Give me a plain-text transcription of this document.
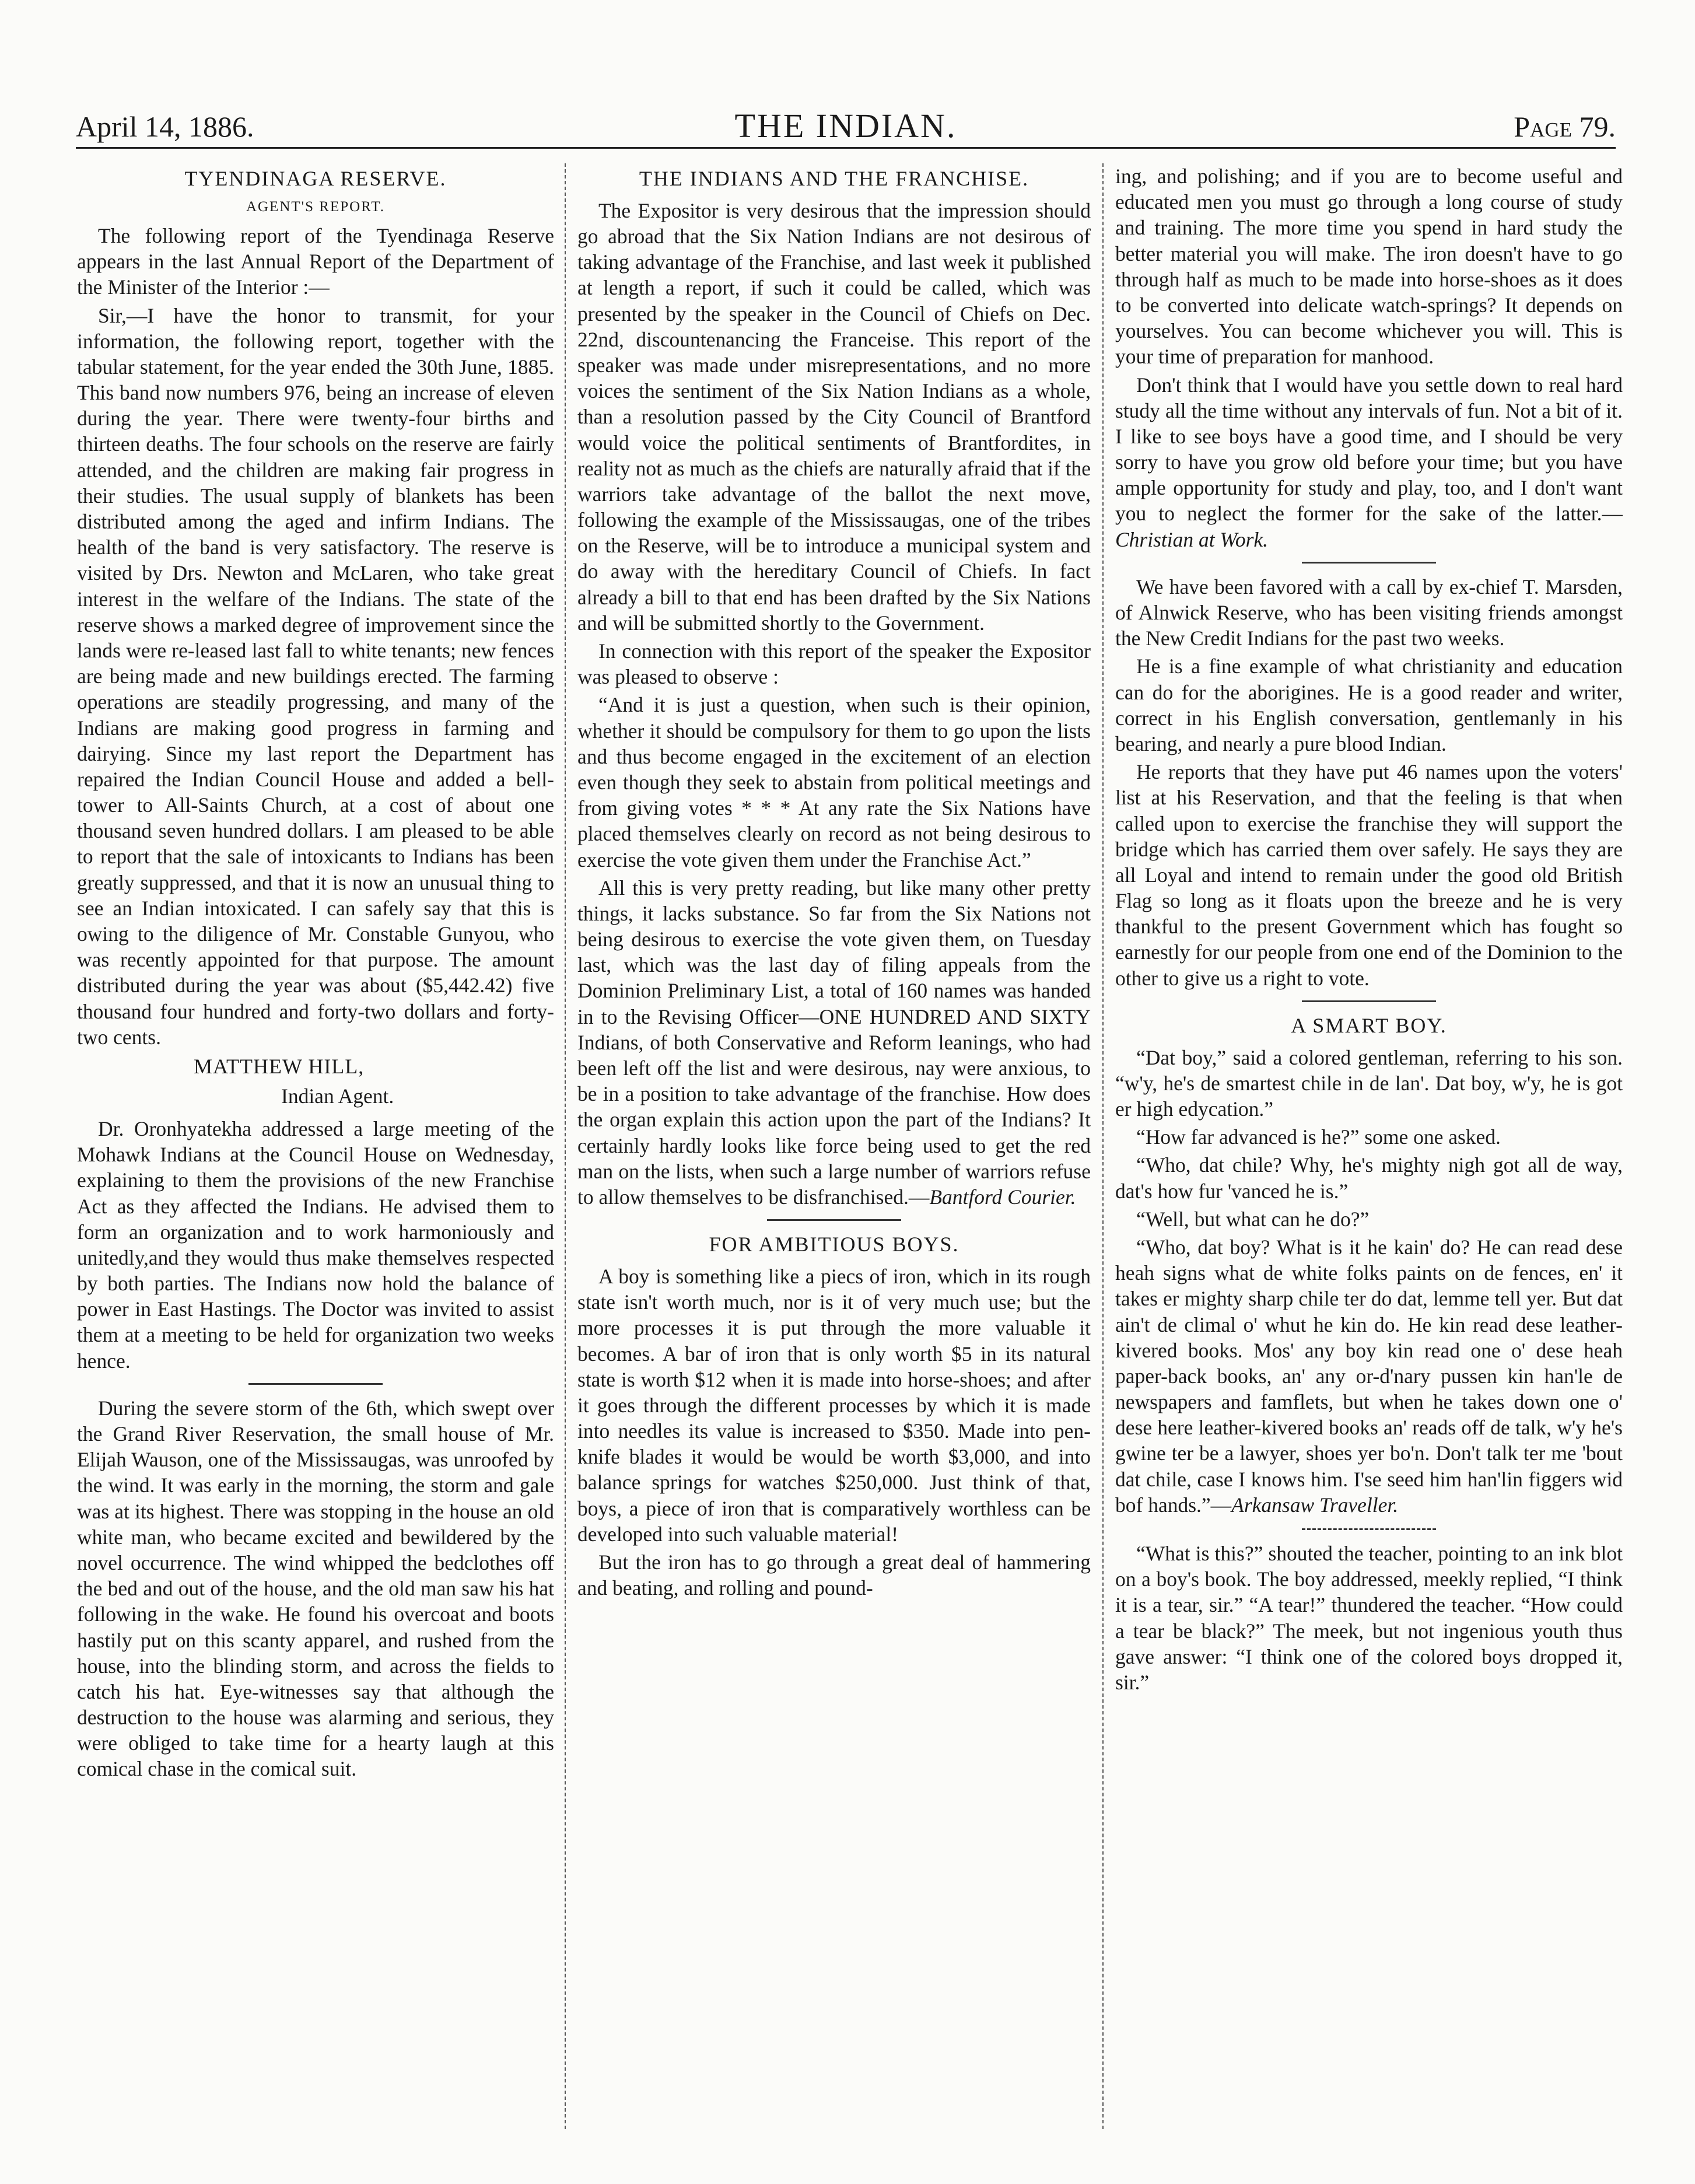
April 14, 1886.	THE INDIAN.	Page 79.
TYENDINAGA RESERVE.
AGENT'S REPORT.

The following report of the Tyendinaga Reserve appears in the last Annual Report of the Department of the Minister of the Interior :—

Sir,—I have the honor to transmit, for your information, the following report, together with the tabular statement, for the year ended the 30th June, 1885. This band now numbers 976, being an increase of eleven during the year. There were twenty-four births and thirteen deaths. The four schools on the reserve are fairly attended, and the children are making fair progress in their studies. The usual supply of blankets has been distributed among the aged and infirm Indians. The health of the band is very satisfactory. The reserve is visited by Drs. Newton and McLaren, who take great interest in the welfare of the Indians. The state of the reserve shows a marked degree of improvement since the lands were re-leased last fall to white tenants; new fences are being made and new buildings erected. The farming operations are steadily progressing, and many of the Indians are making good progress in farming and dairying. Since my last report the Department has repaired the Indian Council House and added a bell-tower to All-Saints Church, at a cost of about one thousand seven hundred dollars. I am pleased to be able to report that the sale of intoxicants to Indians has been greatly suppressed, and that it is now an unusual thing to see an Indian intoxicated. I can safely say that this is owing to the diligence of Mr. Constable Gunyou, who was recently appointed for that purpose. The amount distributed during the year was about ($5,442.42) five thousand four hundred and forty-two dollars and forty-two cents.

MATTHEW HILL,
Indian Agent.

Dr. Oronhyatekha addressed a large meeting of the Mohawk Indians at the Council House on Wednesday, explaining to them the provisions of the new Franchise Act as they affected the Indians. He advised them to form an organization and to work harmoniously and unitedly,and they would thus make themselves respected by both parties. The Indians now hold the balance of power in East Hastings. The Doctor was invited to assist them at a meeting to be held for organization two weeks hence.

During the severe storm of the 6th, which swept over the Grand River Reservation, the small house of Mr. Elijah Wauson, one of the Mississaugas, was unroofed by the wind. It was early in the morning, the storm and gale was at its highest. There was stopping in the house an old white man, who became excited and bewildered by the novel occurrence. The wind whipped the bedclothes off the bed and out of the house, and the old man saw his hat following in the wake. He found his overcoat and boots hastily put on this scanty apparel, and rushed from the house, into the blinding storm, and across the fields to catch his hat. Eye-witnesses say that although the destruction to the house was alarming and serious, they were obliged to take time for a hearty laugh at this comical chase in the comical suit.

THE INDIANS AND THE FRANCHISE.

The Expositor is very desirous that the impression should go abroad that the Six Nation Indians are not desirous of taking advantage of the Franchise, and last week it published at length a report, if such it could be called, which was presented by the speaker in the Council of Chiefs on Dec. 22nd, discountenancing the Franceise. This report of the speaker was made under misrepresentations, and no more voices the sentiment of the Six Nation Indians as a whole, than a resolution passed by the City Council of Brantford would voice the political sentiments of Brantfordites, in reality not as much as the chiefs are naturally afraid that if the warriors take advantage of the ballot the next move, following the example of the Mississaugas, one of the tribes on the Reserve, will be to introduce a municipal system and do away with the hereditary Council of Chiefs. In fact already a bill to that end has been drafted by the Six Nations and will be submitted shortly to the Government.

In connection with this report of the speaker the Expositor was pleased to observe :

“And it is just a question, when such is their opinion, whether it should be compulsory for them to go upon the lists and thus become engaged in the excitement of an election even though they seek to abstain from political meetings and from giving votes * * * At any rate the Six Nations have placed themselves clearly on record as not being desirous to exercise the vote given them under the Franchise Act.”

All this is very pretty reading, but like many other pretty things, it lacks substance. So far from the Six Nations not being desirous to exercise the vote given them, on Tuesday last, which was the last day of filing appeals from the Dominion Preliminary List, a total of 160 names was handed in to the Revising Officer—ONE HUNDRED AND SIXTY Indians, of both Conservative and Reform leanings, who had been left off the list and were desirous, nay were anxious, to be in a position to take advantage of the franchise. How does the organ explain this action upon the part of the Indians? It certainly hardly looks like force being used to get the red man on the lists, when such a large number of warriors refuse to allow themselves to be disfranchised.—Bantford Courier.

FOR AMBITIOUS BOYS.

A boy is something like a piecs of iron, which in its rough state isn't worth much, nor is it of very much use; but the more processes it is put through the more valuable it becomes. A bar of iron that is only worth $5 in its natural state is worth $12 when it is made into horse-shoes; and after it goes through the different processes by which it is made into needles its value is increased to $350. Made into pen-knife blades it would be would be worth $3,000, and into balance springs for watches $250,000. Just think of that, boys, a piece of iron that is comparatively worthless can be developed into such valuable material!

But the iron has to go through a great deal of hammering and beating, and rolling and pound-

ing, and polishing; and if you are to become useful and educated men you must go through a long course of study and training. The more time you spend in hard study the better material you will make. The iron doesn't have to go through half as much to be made into horse-shoes as it does to be converted into delicate watch-springs? It depends on yourselves. You can become whichever you will. This is your time of preparation for manhood.

Don't think that I would have you settle down to real hard study all the time without any intervals of fun. Not a bit of it. I like to see boys have a good time, and I should be very sorry to have you grow old before your time; but you have ample opportunity for study and play, too, and I don't want you to neglect the former for the sake of the latter.—Christian at Work.

We have been favored with a call by ex-chief T. Marsden, of Alnwick Reserve, who has been visiting friends amongst the New Credit Indians for the past two weeks.

He is a fine example of what christianity and education can do for the aborigines. He is a good reader and writer, correct in his English conversation, gentlemanly in his bearing, and nearly a pure blood Indian.

He reports that they have put 46 names upon the voters' list at his Reservation, and that the feeling is that when called upon to exercise the franchise they will support the bridge which has carried them over safely. He says they are all Loyal and intend to remain under the good old British Flag so long as it floats upon the breeze and he is very thankful to the present Government which has fought so earnestly for our people from one end of the Dominion to the other to give us a right to vote.

A SMART BOY.

“Dat boy,” said a colored gentleman, referring to his son. “w'y, he's de smartest chile in de lan'. Dat boy, w'y, he is got er high edycation.”

“How far advanced is he?” some one asked.

“Who, dat chile? Why, he's mighty nigh got all de way, dat's how fur 'vanced he is.”

“Well, but what can he do?”

“Who, dat boy? What is it he kain' do? He can read dese heah signs what de white folks paints on de fences, en' it takes er mighty sharp chile ter do dat, lemme tell yer. But dat ain't de climal o' whut he kin do. He kin read dese leather-kivered books. Mos' any boy kin read one o' dese heah paper-back books, an' any or-d'nary pussen kin han'le de newspapers and famflets, but when he takes down one o' dese here leather-kivered books an' reads off de talk, w'y he's gwine ter be a lawyer, shoes yer bo'n. Don't talk ter me 'bout dat chile, case I knows him. I'se seed him han'lin figgers wid bof hands.”—Arkansaw Traveller.

“What is this?” shouted the teacher, pointing to an ink blot on a boy's book. The boy addressed, meekly replied, “I think it is a tear, sir.” “A tear!” thundered the teacher. “How could a tear be black?” The meek, but not ingenious youth thus gave answer: “I think one of the colored boys dropped it, sir.”
